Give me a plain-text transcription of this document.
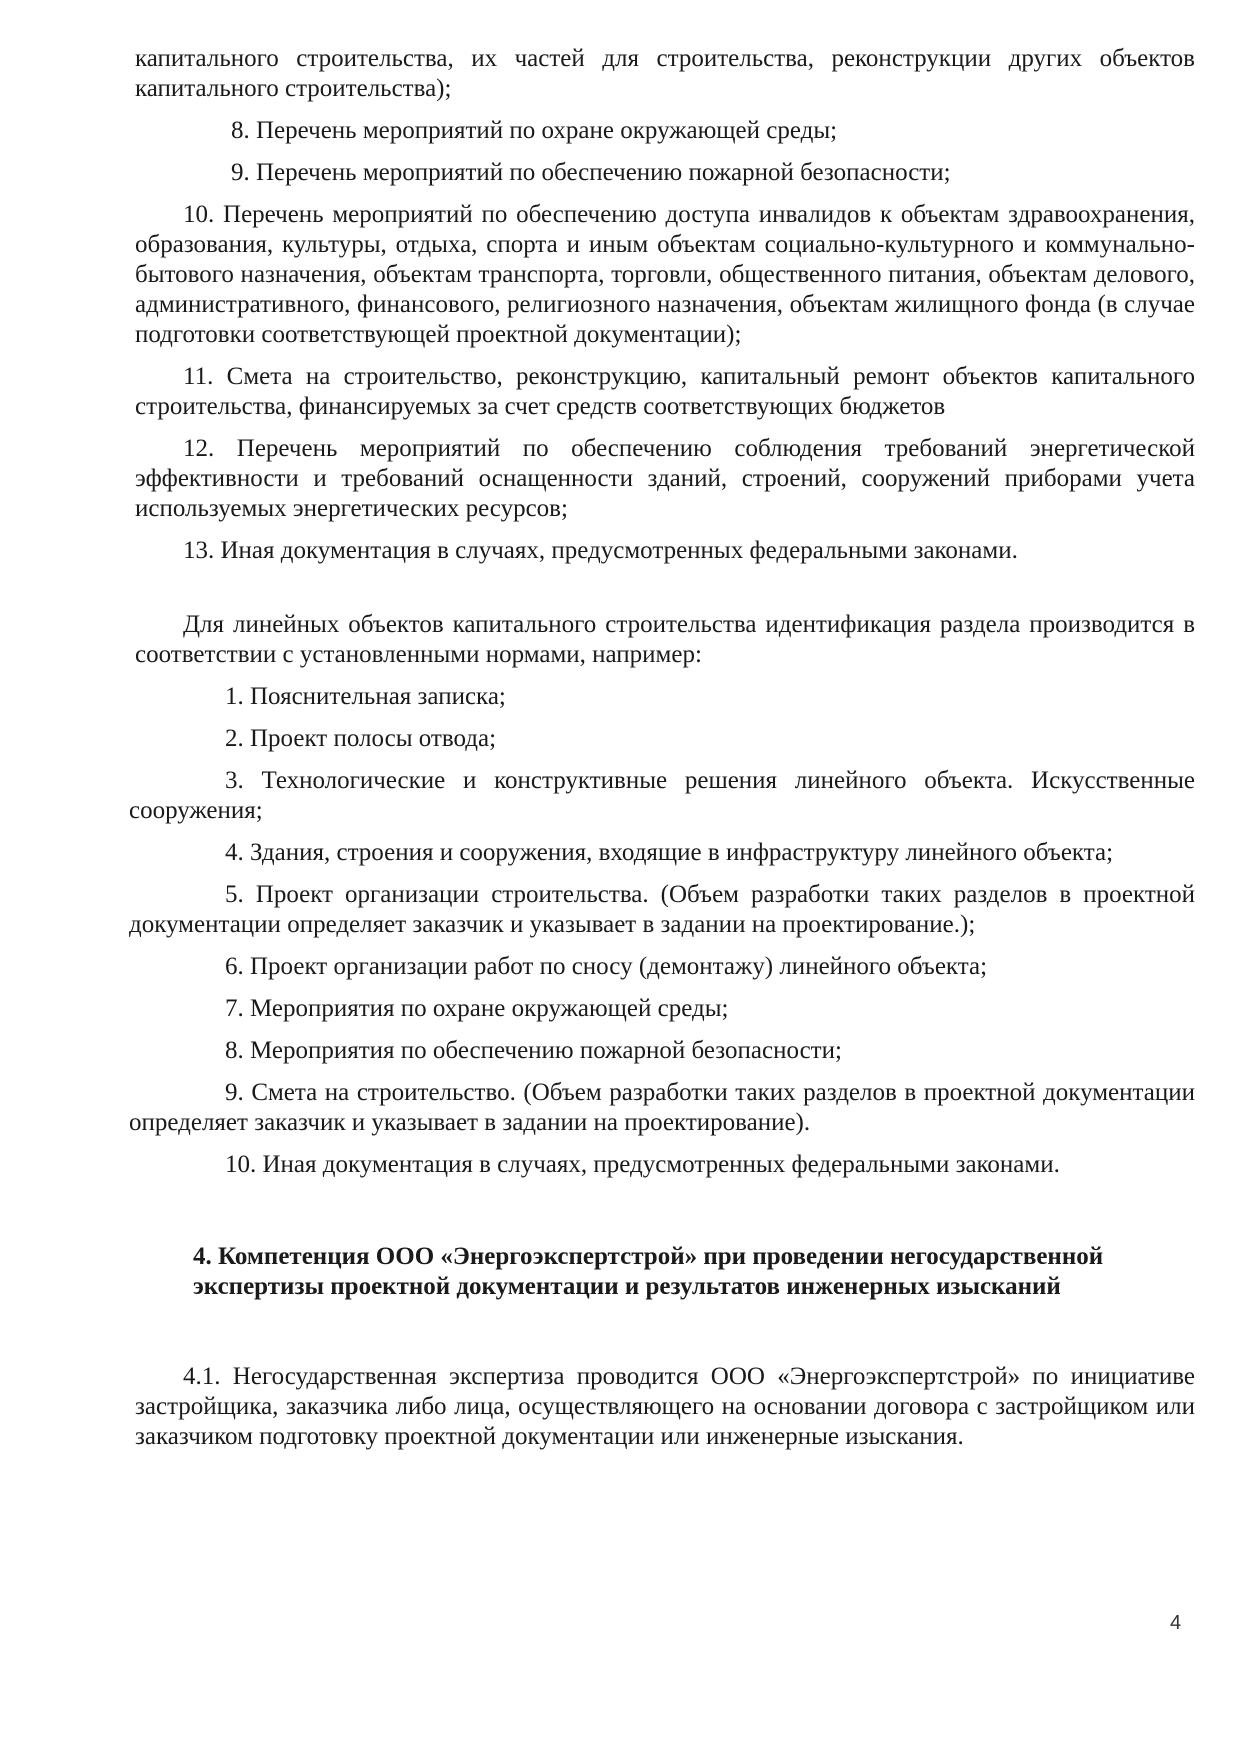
капитального строительства, их частей для строительства, реконструкции других объектов капитального строительства);

8. Перечень мероприятий по охране окружающей среды;

9. Перечень мероприятий по обеспечению пожарной безопасности;

10. Перечень мероприятий по обеспечению доступа инвалидов к объектам здравоохранения, образования, культуры, отдыха, спорта и иным объектам социально-культурного и коммунально-бытового назначения, объектам транспорта, торговли, общественного питания, объектам делового, административного, финансового, религиозного назначения, объектам жилищного фонда (в случае подготовки соответствующей проектной документации);

11. Смета на строительство, реконструкцию, капитальный ремонт объектов капитального строительства, финансируемых за счет средств соответствующих бюджетов

12. Перечень мероприятий по обеспечению соблюдения требований энергетической эффективности и требований оснащенности зданий, строений, сооружений приборами учета используемых энергетических ресурсов;

13. Иная документация в случаях, предусмотренных федеральными законами.

Для линейных объектов капитального строительства идентификация раздела производится в соответствии с установленными нормами, например:

1. Пояснительная записка;

2. Проект полосы отвода;

3. Технологические и конструктивные решения линейного объекта. Искусственные сооружения;

4. Здания, строения и сооружения, входящие в инфраструктуру линейного объекта;

5. Проект организации строительства. (Объем разработки таких разделов в проектной документации определяет заказчик и указывает в задании на проектирование.);

6. Проект организации работ по сносу (демонтажу) линейного объекта;

7. Мероприятия по охране окружающей среды;

8. Мероприятия по обеспечению пожарной безопасности;

9. Смета на строительство. (Объем разработки таких разделов в проектной документации определяет заказчик и указывает в задании на проектирование).

10. Иная документация в случаях, предусмотренных федеральными законами.

4. Компетенция ООО «Энергоэкспертстрой» при проведении негосударственной экспертизы проектной документации и результатов инженерных изысканий

4.1. Негосударственная экспертиза проводится ООО «Энергоэкспертстрой» по инициативе застройщика, заказчика либо лица, осуществляющего на основании договора с застройщиком или заказчиком подготовку проектной документации или инженерные изыскания.

4
